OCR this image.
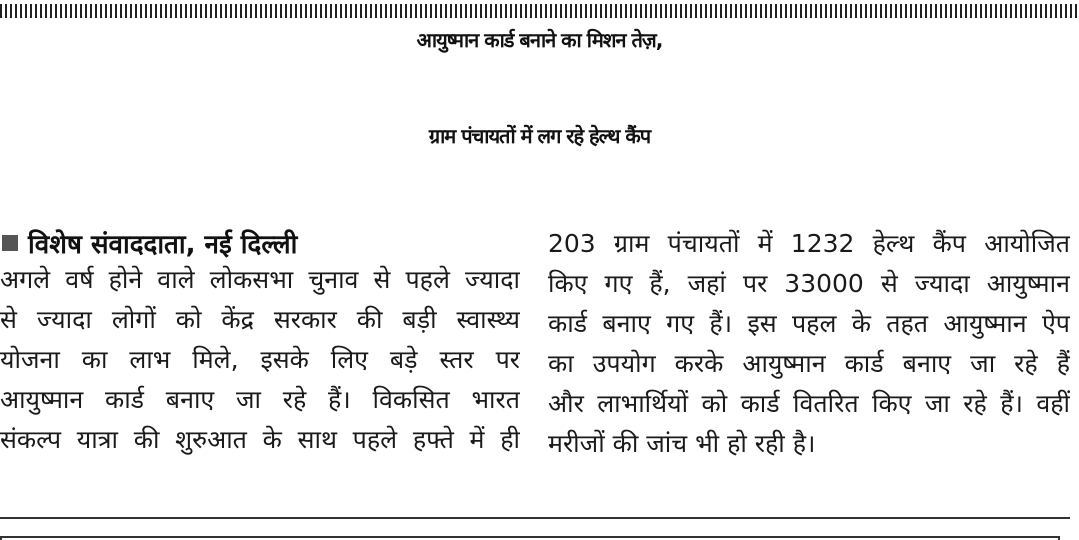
आयुष्मान कार्ड बनाने का मिशन तेज़,
ग्राम पंचायतों में लग रहे हेल्थ कैंप
विशेष संवाददाता, नई दिल्ली
अगले वर्ष होने वाले लोकसभा चुनाव से पहले ज्यादा
से ज्यादा लोगों को केंद्र सरकार की बड़ी स्वास्थ्य
योजना का लाभ मिले, इसके लिए बड़े स्तर पर
आयुष्मान कार्ड बनाए जा रहे हैं। विकसित भारत
संकल्प यात्रा की शुरुआत के साथ पहले हफ्ते में ही
203 ग्राम पंचायतों में 1232 हेल्थ कैंप आयोजित
किए गए हैं, जहां पर 33000 से ज्यादा आयुष्मान
कार्ड बनाए गए हैं। इस पहल के तहत आयुष्मान ऐप
का उपयोग करके आयुष्मान कार्ड बनाए जा रहे हैं
और लाभार्थियों को कार्ड वितरित किए जा रहे हैं। वहीं
मरीजों की जांच भी हो रही है।
